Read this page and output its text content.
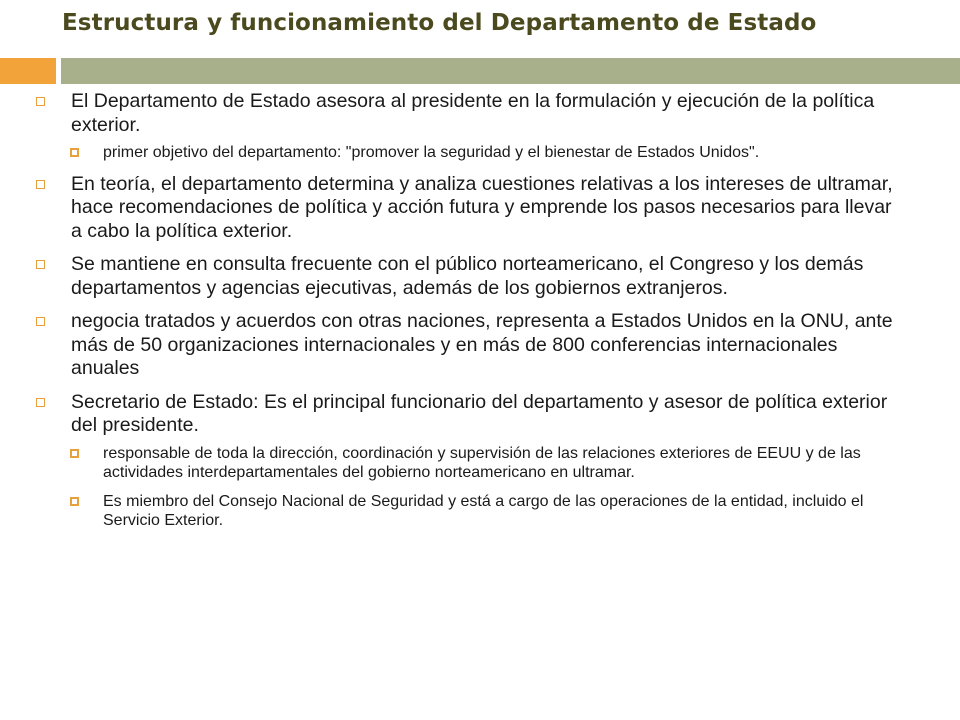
Estructura y funcionamiento del Departamento de Estado
El Departamento de Estado asesora al presidente en la formulación y ejecución de la política exterior.
primer objetivo del departamento: "promover la seguridad y el bienestar de Estados Unidos".
En teoría, el departamento determina y analiza cuestiones relativas a los intereses de ultramar, hace recomendaciones de política y acción futura y emprende los pasos necesarios para llevar a cabo la política exterior.
Se mantiene en consulta frecuente con el público norteamericano, el Congreso y los demás departamentos y agencias ejecutivas, además de los gobiernos extranjeros.
negocia tratados y acuerdos con otras naciones, representa a Estados Unidos en la ONU, ante más de 50 organizaciones internacionales y en más de 800 conferencias internacionales anuales
Secretario de Estado: Es el principal funcionario del departamento y asesor de política exterior del presidente.
responsable de toda la dirección, coordinación y supervisión de las relaciones exteriores de EEUU y de las actividades interdepartamentales del gobierno norteamericano en ultramar.
Es miembro del Consejo Nacional de Seguridad y está a cargo de las operaciones de la entidad, incluido el Servicio Exterior.
